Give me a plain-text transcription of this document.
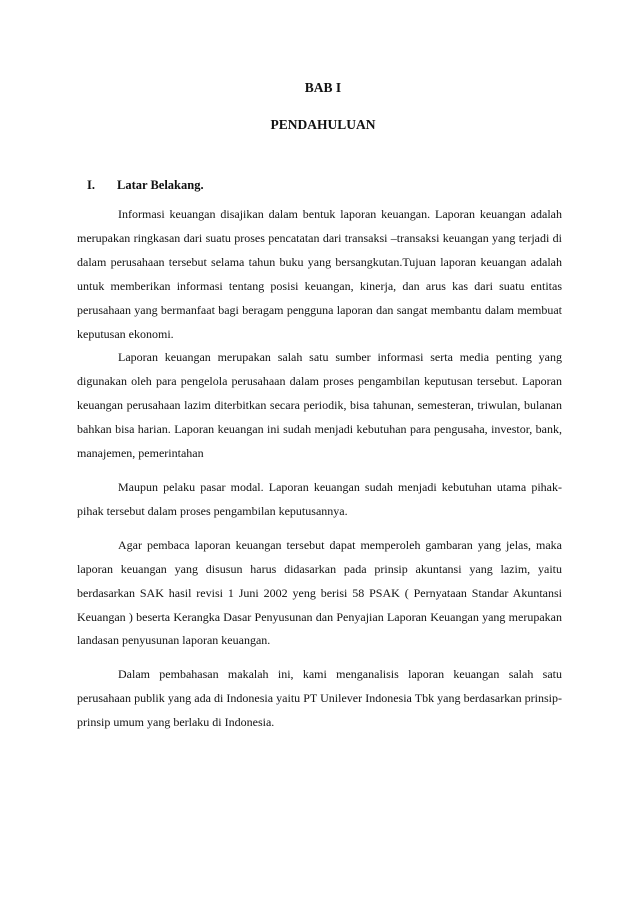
BAB I
PENDAHULUAN
I. Latar Belakang.

Informasi keuangan disajikan dalam bentuk laporan keuangan. Laporan keuangan adalah merupakan ringkasan dari suatu proses pencatatan dari transaksi –transaksi keuangan yang terjadi di dalam perusahaan tersebut selama tahun buku yang bersangkutan.Tujuan laporan keuangan adalah untuk memberikan informasi tentang posisi keuangan, kinerja, dan arus kas dari suatu entitas perusahaan yang bermanfaat bagi beragam pengguna laporan dan sangat membantu dalam membuat keputusan ekonomi.

Laporan keuangan merupakan salah satu sumber informasi serta media penting yang digunakan oleh para pengelola perusahaan dalam proses pengambilan keputusan tersebut. Laporan keuangan perusahaan lazim diterbitkan secara periodik, bisa tahunan, semesteran, triwulan, bulanan bahkan bisa harian. Laporan keuangan ini sudah menjadi kebutuhan para pengusaha, investor, bank, manajemen, pemerintahan

Maupun pelaku pasar modal. Laporan keuangan sudah menjadi kebutuhan utama pihak-pihak tersebut dalam proses pengambilan keputusannya.

Agar pembaca laporan keuangan tersebut dapat memperoleh gambaran yang jelas, maka laporan keuangan yang disusun harus didasarkan pada prinsip akuntansi yang lazim, yaitu berdasarkan SAK hasil revisi 1 Juni 2002 yeng berisi 58 PSAK ( Pernyataan Standar Akuntansi Keuangan ) beserta Kerangka Dasar Penyusunan dan Penyajian Laporan Keuangan yang merupakan landasan penyusunan laporan keuangan.

Dalam pembahasan makalah ini, kami menganalisis laporan keuangan salah satu perusahaan publik yang ada di Indonesia yaitu PT Unilever Indonesia Tbk yang berdasarkan prinsip-prinsip umum yang berlaku di Indonesia.
